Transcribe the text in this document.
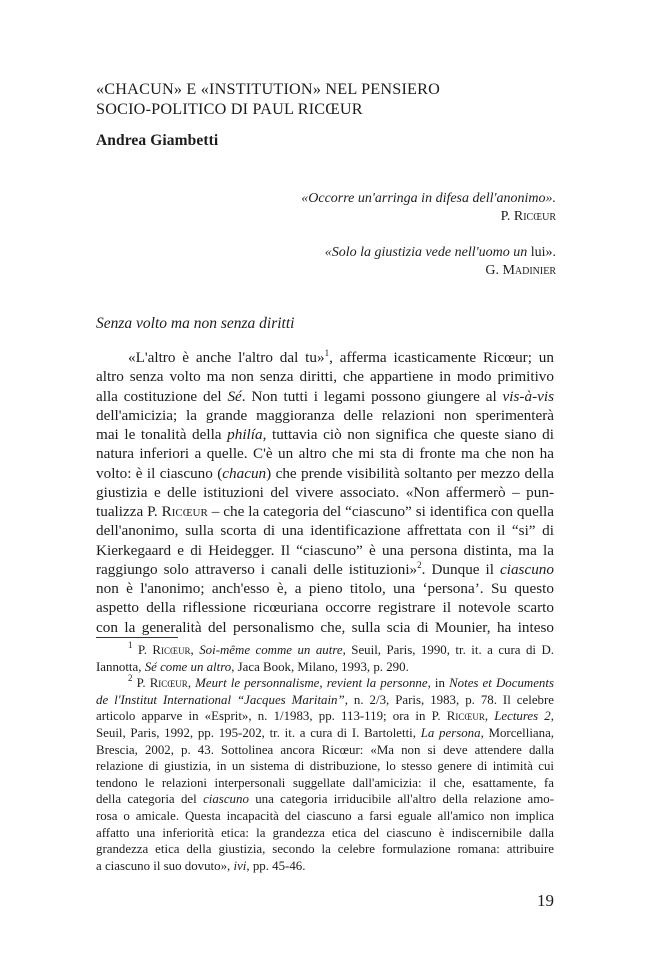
«CHACUN» E «INSTITUTION» NEL PENSIERO
SOCIO-POLITICO DI PAUL RICŒUR
Andrea Giambetti
«Occorre un'arringa in difesa dell'anonimo».
P. Ricœur
«Solo la giustizia vede nell'uomo un lui».
G. Madinier
Senza volto ma non senza diritti
«L'altro è anche l'altro dal tu»$^1$, afferma icasticamente Ricœur; un
altro senza volto ma non senza diritti, che appartiene in modo primitivo
alla costituzione del Sé. Non tutti i legami possono giungere al vis-à-vis
dell'amicizia; la grande maggioranza delle relazioni non sperimenterà
mai le tonalità della philía, tuttavia ciò non significa che queste siano di
natura inferiori a quelle. C'è un altro che mi sta di fronte ma che non ha
volto: è il ciascuno (chacun) che prende visibilità soltanto per mezzo della
giustizia e delle istituzioni del vivere associato. «Non affermerò – pun-
tualizza P. Ricœur – che la categoria del “ciascuno” si identifica con quella
dell'anonimo, sulla scorta di una identificazione affrettata con il “si” di
Kierkegaard e di Heidegger. Il “ciascuno” è una persona distinta, ma la
raggiungo solo attraverso i canali delle istituzioni»$^2$. Dunque il ciascuno
non è l'anonimo; anch'esso è, a pieno titolo, una ‘persona’. Su questo
aspetto della riflessione ricœuriana occorre registrare il notevole scarto
con la generalità del personalismo che, sulla scia di Mounier, ha inteso
$^1$ P. Ricœur, Soi-même comme un autre, Seuil, Paris, 1990, tr. it. a cura di D.
Iannotta, Sé come un altro, Jaca Book, Milano, 1993, p. 290.
$^2$ P. Ricœur, Meurt le personnalisme, revient la personne, in Notes et Documents
de l'Institut International “Jacques Maritain”, n. 2/3, Paris, 1983, p. 78. Il celebre
articolo apparve in «Esprit», n. 1/1983, pp. 113-119; ora in P. Ricœur, Lectures 2,
Seuil, Paris, 1992, pp. 195-202, tr. it. a cura di I. Bartoletti, La persona, Morcelliana,
Brescia, 2002, p. 43. Sottolinea ancora Ricœur: «Ma non si deve attendere dalla
relazione di giustizia, in un sistema di distribuzione, lo stesso genere di intimità cui
tendono le relazioni interpersonali suggellate dall'amicizia: il che, esattamente, fa
della categoria del ciascuno una categoria irriducibile all'altro della relazione amo-
rosa o amicale. Questa incapacità del ciascuno a farsi eguale all'amico non implica
affatto una inferiorità etica: la grandezza etica del ciascuno è indiscernibile dalla
grandezza etica della giustizia, secondo la celebre formulazione romana: attribuire
a ciascuno il suo dovuto», ivi, pp. 45-46.
19
